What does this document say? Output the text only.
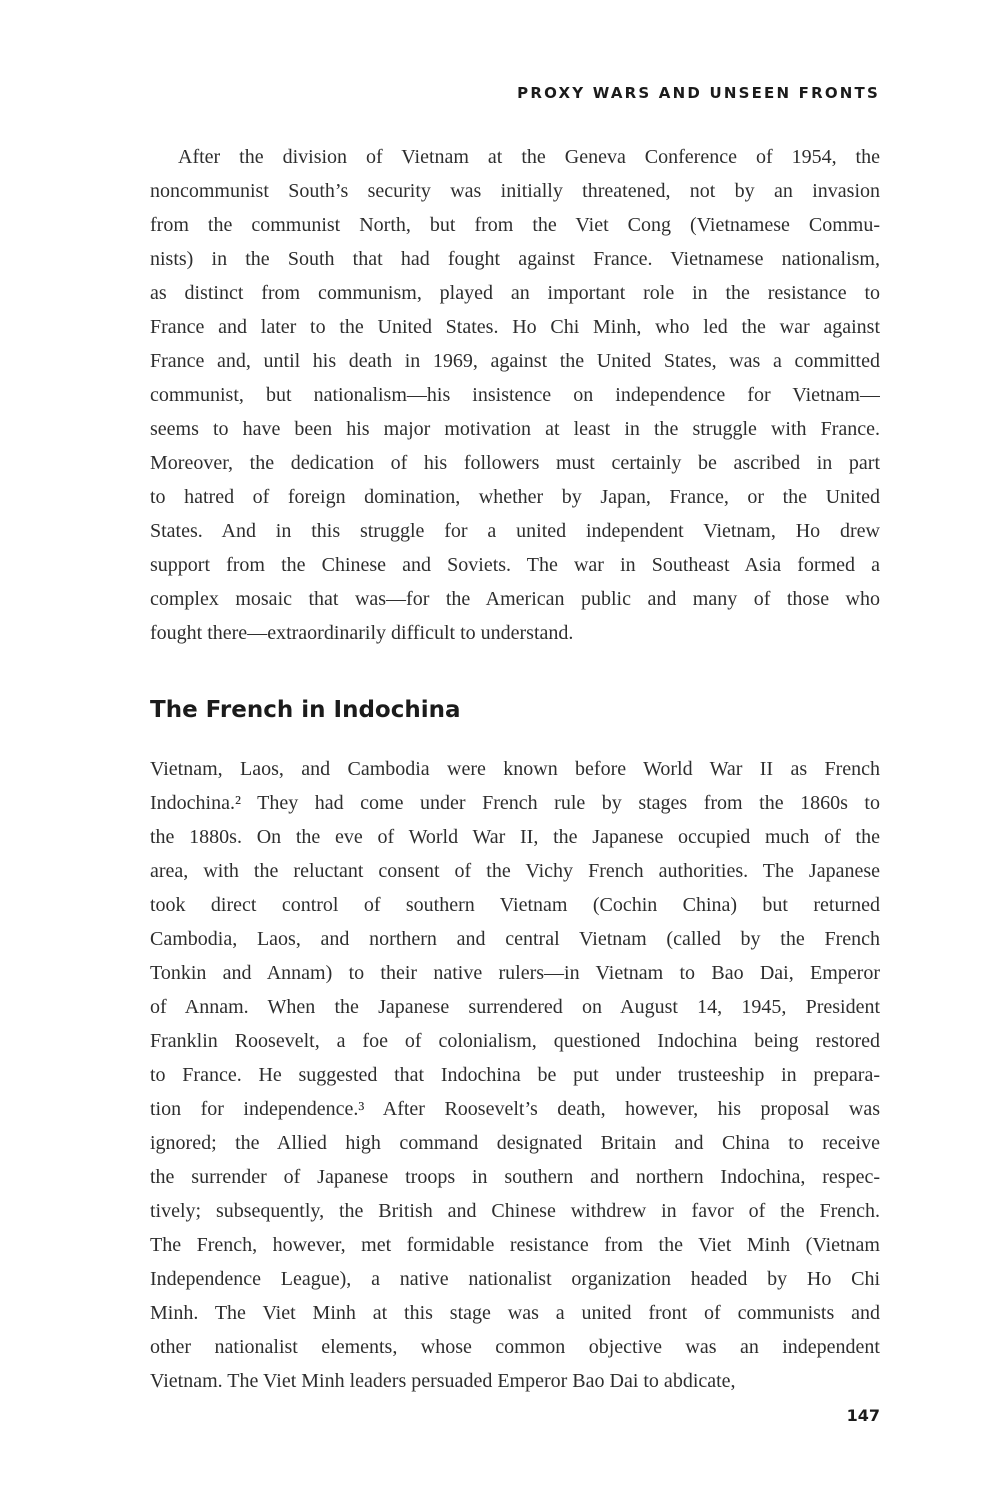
PROXY WARS AND UNSEEN FRONTS
After the division of Vietnam at the Geneva Conference of 1954, the
noncommunist South’s security was initially threatened, not by an invasion
from the communist North, but from the Viet Cong (Vietnamese Commu-
nists) in the South that had fought against France. Vietnamese nationalism,
as distinct from communism, played an important role in the resistance to
France and later to the United States. Ho Chi Minh, who led the war against
France and, until his death in 1969, against the United States, was a committed
communist, but nationalism—his insistence on independence for Vietnam—
seems to have been his major motivation at least in the struggle with France.
Moreover, the dedication of his followers must certainly be ascribed in part
to hatred of foreign domination, whether by Japan, France, or the United
States. And in this struggle for a united independent Vietnam, Ho drew
support from the Chinese and Soviets. The war in Southeast Asia formed a
complex mosaic that was—for the American public and many of those who
fought there—extraordinarily difficult to understand.
The French in Indochina
Vietnam, Laos, and Cambodia were known before World War II as French
Indochina.² They had come under French rule by stages from the 1860s to
the 1880s. On the eve of World War II, the Japanese occupied much of the
area, with the reluctant consent of the Vichy French authorities. The Japanese
took direct control of southern Vietnam (Cochin China) but returned
Cambodia, Laos, and northern and central Vietnam (called by the French
Tonkin and Annam) to their native rulers—in Vietnam to Bao Dai, Emperor
of Annam. When the Japanese surrendered on August 14, 1945, President
Franklin Roosevelt, a foe of colonialism, questioned Indochina being restored
to France. He suggested that Indochina be put under trusteeship in prepara-
tion for independence.³ After Roosevelt’s death, however, his proposal was
ignored; the Allied high command designated Britain and China to receive
the surrender of Japanese troops in southern and northern Indochina, respec-
tively; subsequently, the British and Chinese withdrew in favor of the French.
The French, however, met formidable resistance from the Viet Minh (Vietnam
Independence League), a native nationalist organization headed by Ho Chi
Minh. The Viet Minh at this stage was a united front of communists and
other nationalist elements, whose common objective was an independent
Vietnam. The Viet Minh leaders persuaded Emperor Bao Dai to abdicate,
147
